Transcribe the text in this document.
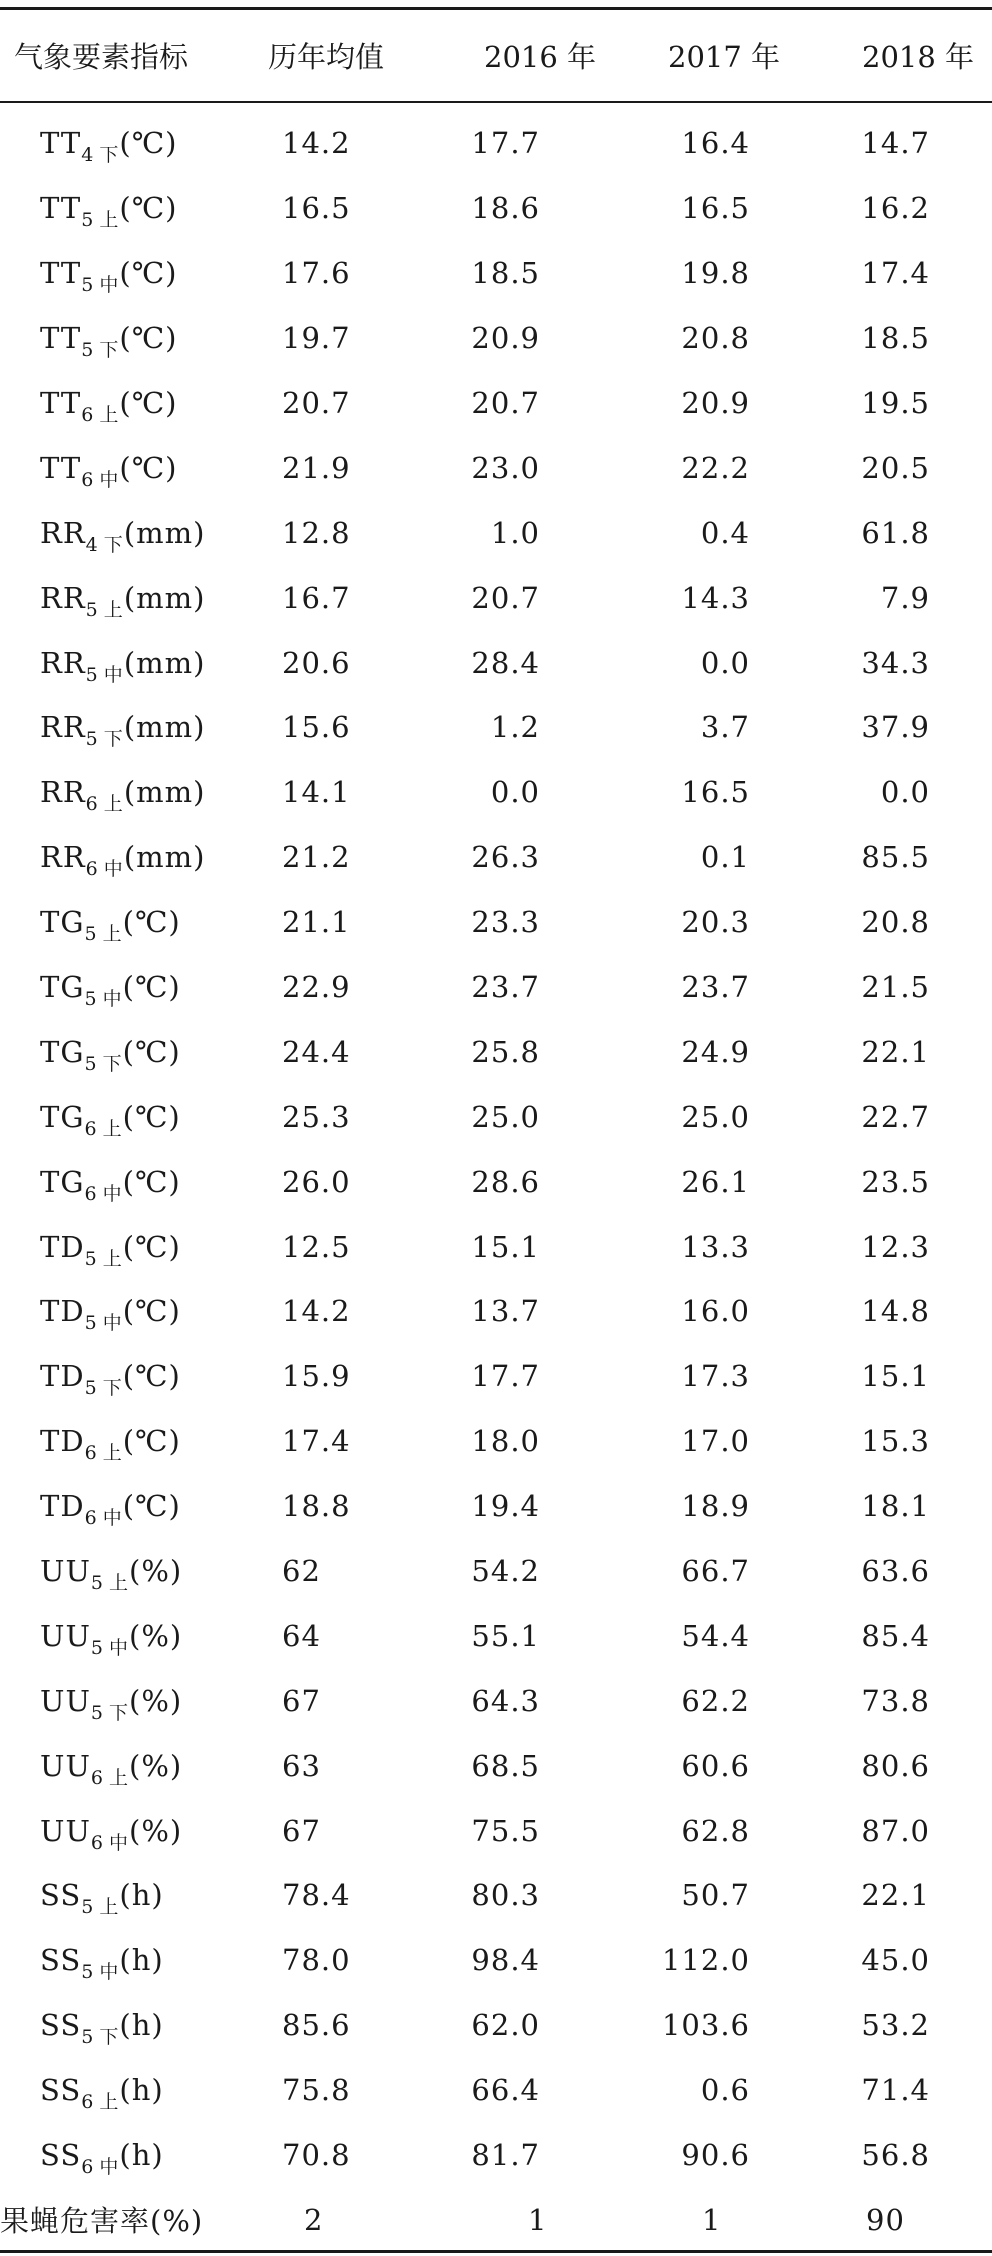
气象要素指标	历年均值	2016 年	2017 年	2018 年
$TT_{4 下}(℃)$	14.2	17.7	16.4	14.7
$TT_{5 上}(℃)$	16.5	18.6	16.5	16.2
$TT_{5 中}(℃)$	17.6	18.5	19.8	17.4
$TT_{5 下}(℃)$	19.7	20.9	20.8	18.5
$TT_{6 上}(℃)$	20.7	20.7	20.9	19.5
$TT_{6 中}(℃)$	21.9	23.0	22.2	20.5
$RR_{4 下}(mm)$	12.8	1.0	0.4	61.8
$RR_{5 上}(mm)$	16.7	20.7	14.3	7.9
$RR_{5 中}(mm)$	20.6	28.4	0.0	34.3
$RR_{5 下}(mm)$	15.6	1.2	3.7	37.9
$RR_{6 上}(mm)$	14.1	0.0	16.5	0.0
$RR_{6 中}(mm)$	21.2	26.3	0.1	85.5
$TG_{5 上}(℃)$	21.1	23.3	20.3	20.8
$TG_{5 中}(℃)$	22.9	23.7	23.7	21.5
$TG_{5 下}(℃)$	24.4	25.8	24.9	22.1
$TG_{6 上}(℃)$	25.3	25.0	25.0	22.7
$TG_{6 中}(℃)$	26.0	28.6	26.1	23.5
$TD_{5 上}(℃)$	12.5	15.1	13.3	12.3
$TD_{5 中}(℃)$	14.2	13.7	16.0	14.8
$TD_{5 下}(℃)$	15.9	17.7	17.3	15.1
$TD_{6 上}(℃)$	17.4	18.0	17.0	15.3
$TD_{6 中}(℃)$	18.8	19.4	18.9	18.1
$UU_{5 上}(\%)$	62	54.2	66.7	63.6
$UU_{5 中}(\%)$	64	55.1	54.4	85.4
$UU_{5 下}(\%)$	67	64.3	62.2	73.8
$UU_{6 上}(\%)$	63	68.5	60.6	80.6
$UU_{6 中}(\%)$	67	75.5	62.8	87.0
$SS_{5 上}(h)$	78.4	80.3	50.7	22.1
$SS_{5 中}(h)$	78.0	98.4	112.0	45.0
$SS_{5 下}(h)$	85.6	62.0	103.6	53.2
$SS_{6 上}(h)$	75.8	66.4	0.6	71.4
$SS_{6 中}(h)$	70.8	81.7	90.6	56.8
果蝇危害率(%)	2	1	1	90
